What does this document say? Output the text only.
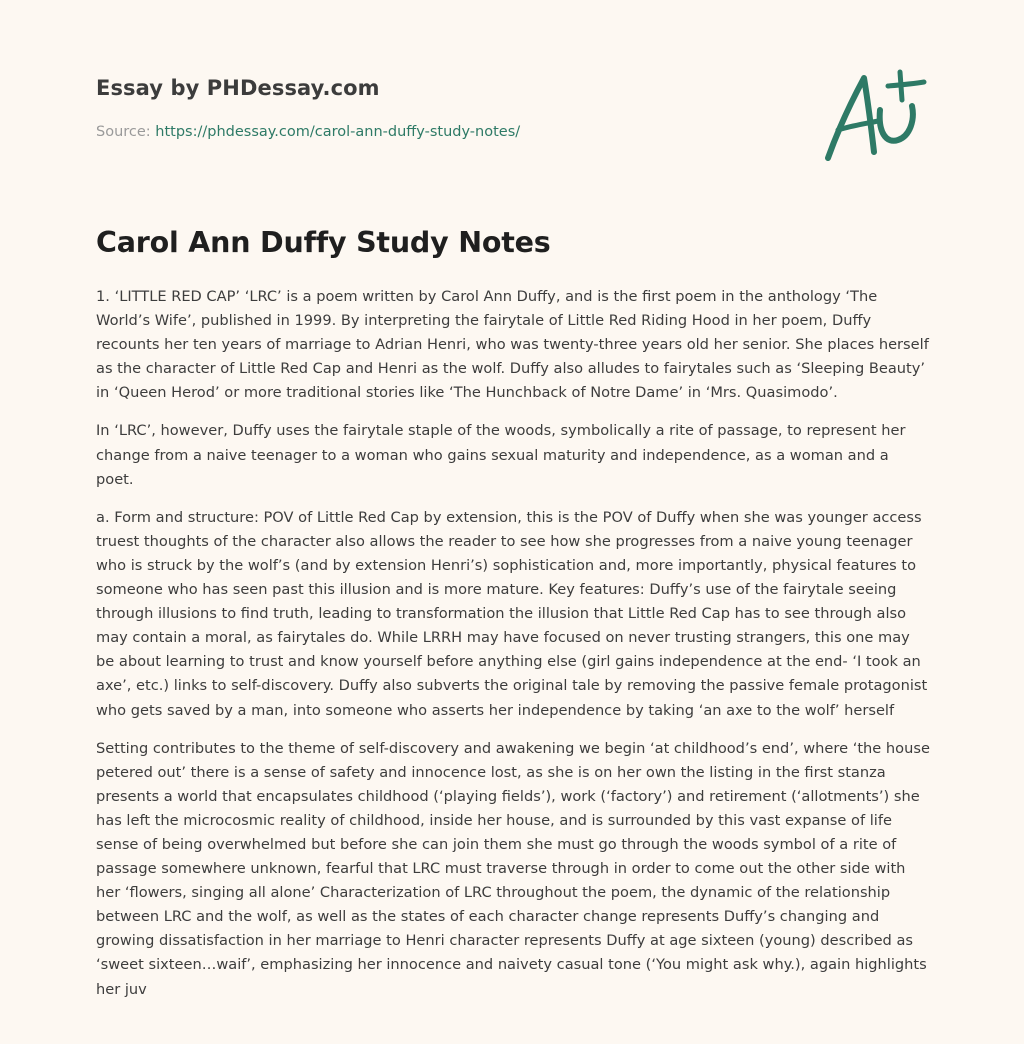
Essay by PHDessay.com
Source: https://phdessay.com/carol-ann-duffy-study-notes/
Carol Ann Duffy Study Notes

1. ‘LITTLE RED CAP’ ‘LRC’ is a poem written by Carol Ann Duffy, and is the first poem in the anthology ‘The World’s Wife’, published in 1999. By interpreting the fairytale of Little Red Riding Hood in her poem, Duffy recounts her ten years of marriage to Adrian Henri, who was twenty-three years old her senior. She places herself as the character of Little Red Cap and Henri as the wolf. Duffy also alludes to fairytales such as ‘Sleeping Beauty’ in ‘Queen Herod’ or more traditional stories like ‘The Hunchback of Notre Dame’ in ‘Mrs. Quasimodo’.

In ‘LRC’, however, Duffy uses the fairytale staple of the woods, symbolically a rite of passage, to represent her change from a naive teenager to a woman who gains sexual maturity and independence, as a woman and a poet.

a. Form and structure: POV of Little Red Cap by extension, this is the POV of Duffy when she was younger access truest thoughts of the character also allows the reader to see how she progresses from a naive young teenager who is struck by the wolf’s (and by extension Henri’s) sophistication and, more importantly, physical features to someone who has seen past this illusion and is more mature. Key features: Duffy’s use of the fairytale seeing through illusions to find truth, leading to transformation the illusion that Little Red Cap has to see through also may contain a moral, as fairytales do. While LRRH may have focused on never trusting strangers, this one may be about learning to trust and know yourself before anything else (girl gains independence at the end- ‘I took an axe’, etc.) links to self-discovery. Duffy also subverts the original tale by removing the passive female protagonist who gets saved by a man, into someone who asserts her independence by taking ‘an axe to the wolf’ herself

Setting contributes to the theme of self-discovery and awakening we begin ‘at childhood’s end’, where ‘the house petered out’ there is a sense of safety and innocence lost, as she is on her own the listing in the first stanza presents a world that encapsulates childhood (‘playing fields’), work (‘factory’) and retirement (‘allotments’) she has left the microcosmic reality of childhood, inside her house, and is surrounded by this vast expanse of life sense of being overwhelmed but before she can join them she must go through the woods symbol of a rite of passage somewhere unknown, fearful that LRC must traverse through in order to come out the other side with her ‘flowers, singing all alone’ Characterization of LRC throughout the poem, the dynamic of the relationship between LRC and the wolf, as well as the states of each character change represents Duffy’s changing and growing dissatisfaction in her marriage to Henri character represents Duffy at age sixteen (young) described as ‘sweet sixteen…waif’, emphasizing her innocence and naivety casual tone (‘You might ask why.), again highlights her juv
